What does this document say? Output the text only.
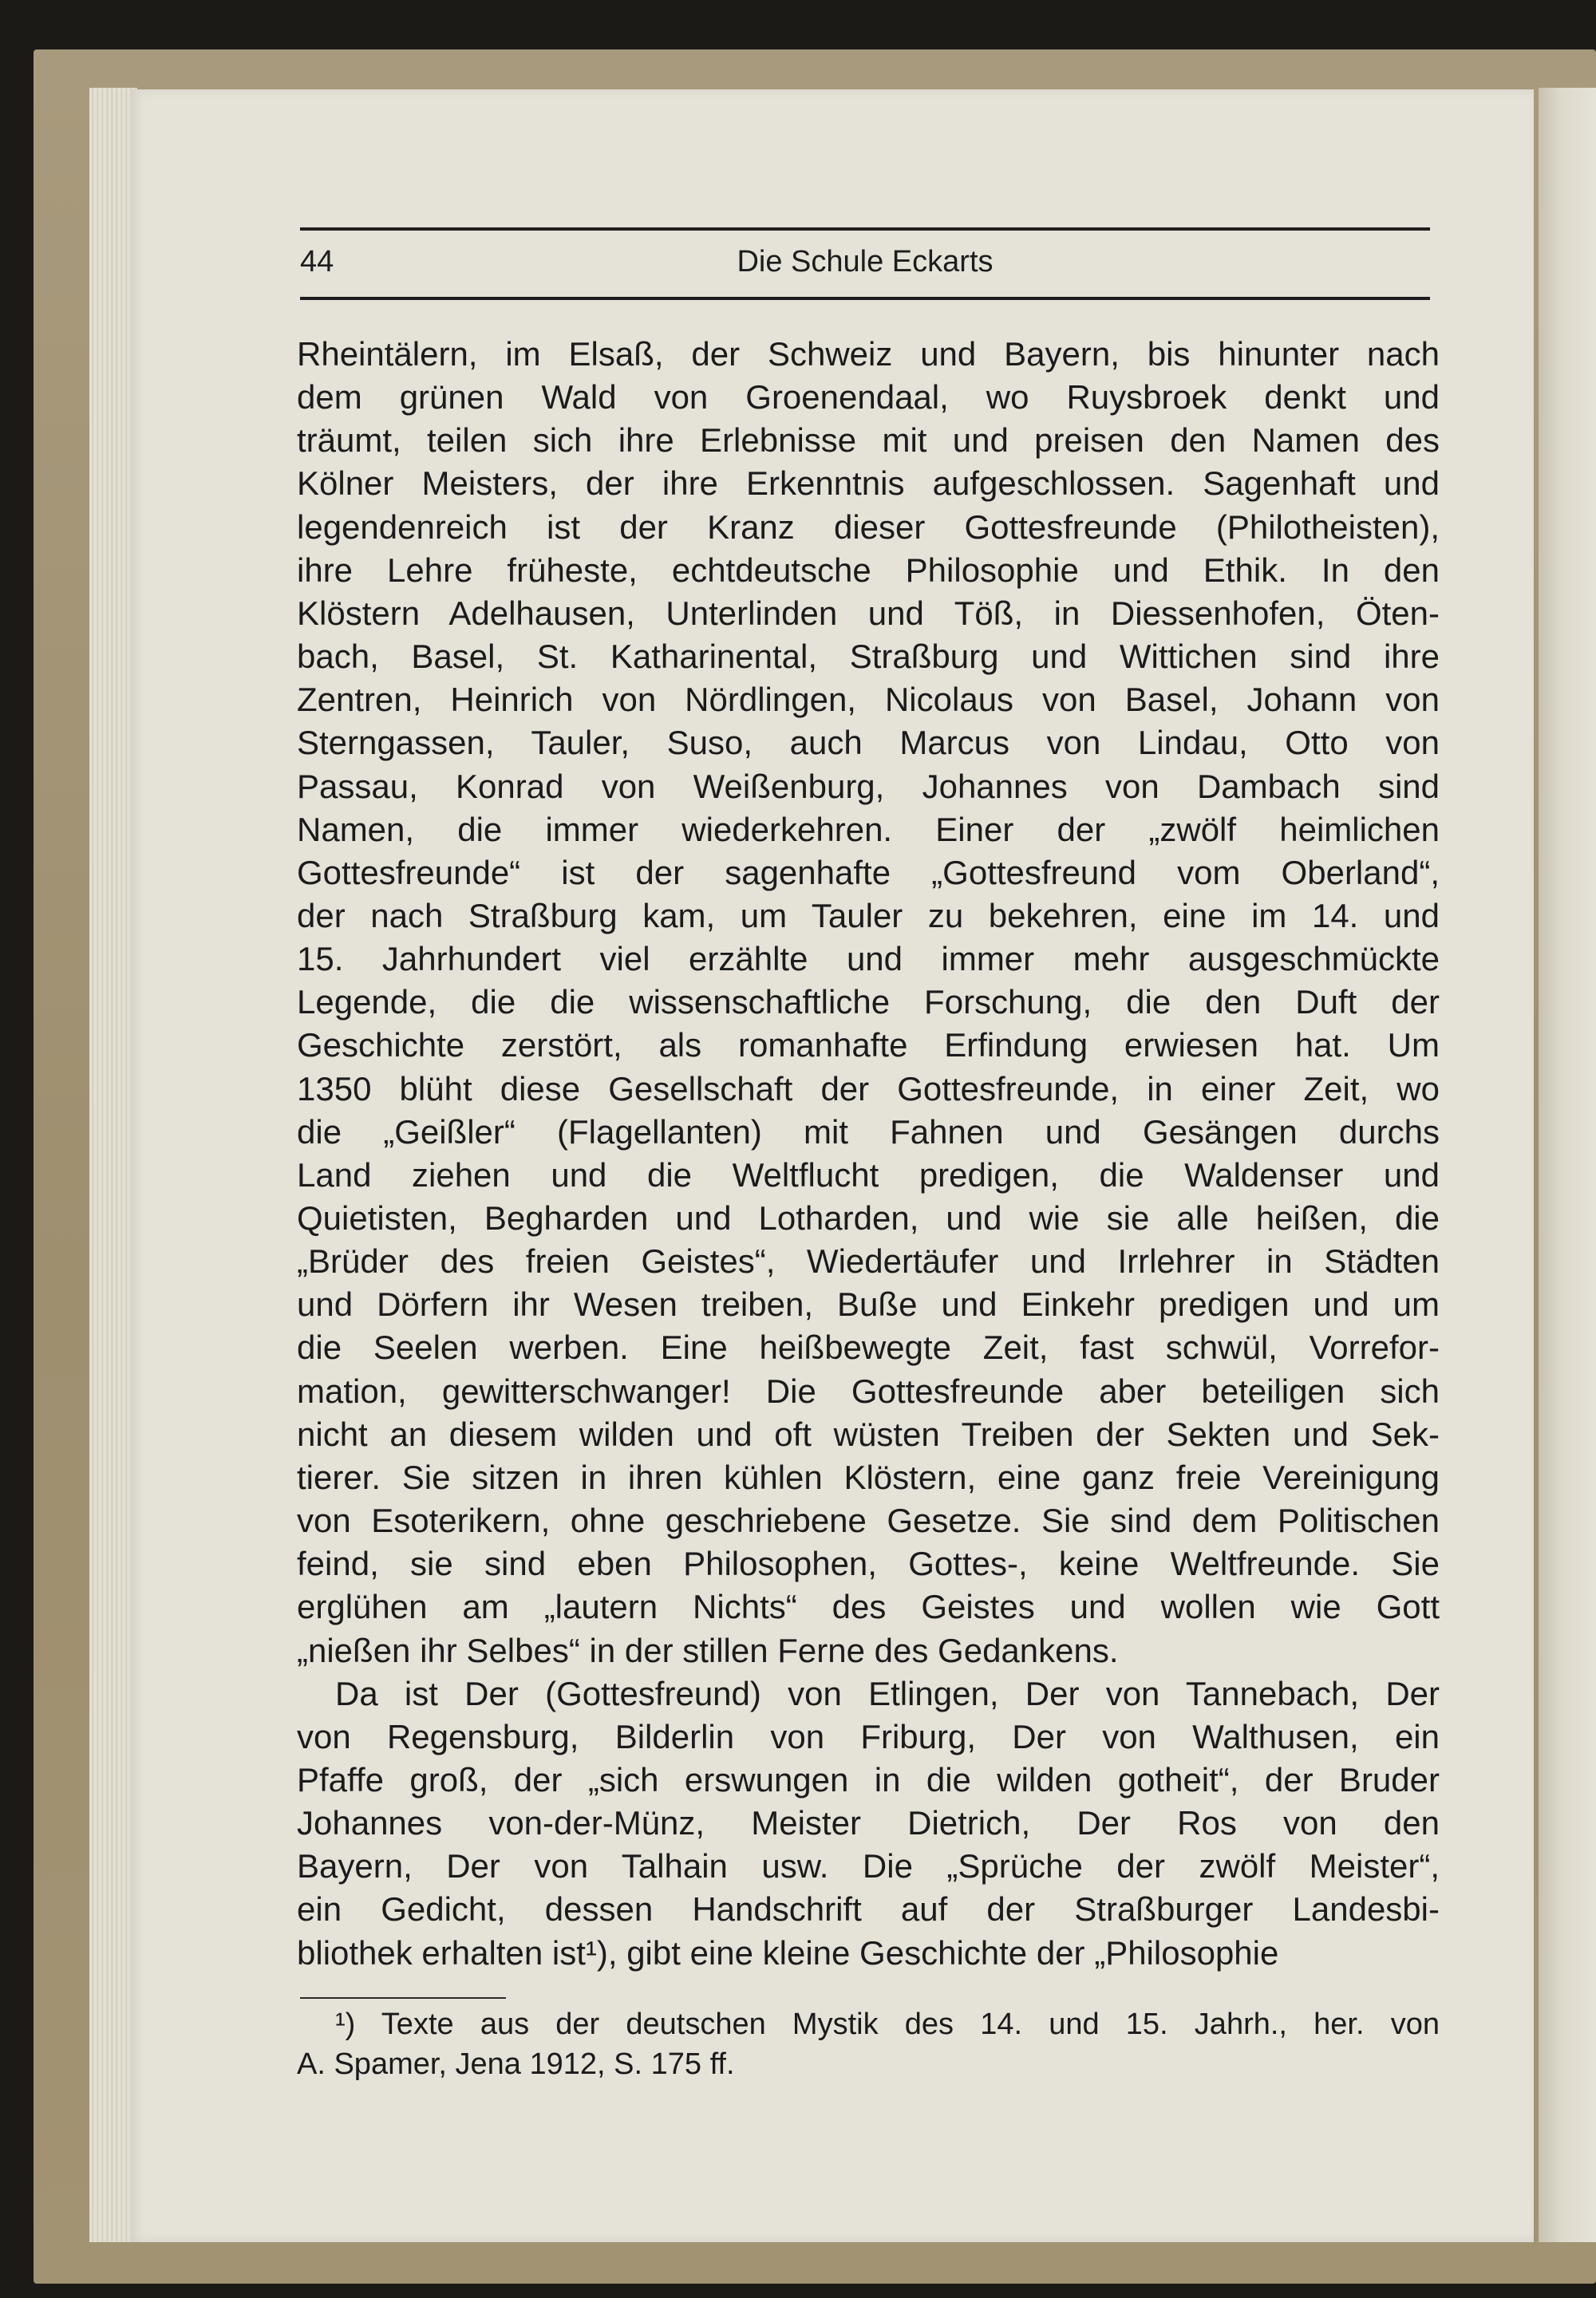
44	Die Schule Eckarts
Rheintälern, im Elsaß, der Schweiz und Bayern, bis hinunter nach
dem grünen Wald von Groenendaal, wo Ruysbroek denkt und
träumt, teilen sich ihre Erlebnisse mit und preisen den Namen des
Kölner Meisters, der ihre Erkenntnis aufgeschlossen. Sagenhaft und
legendenreich ist der Kranz dieser Gottesfreunde (Philotheisten),
ihre Lehre früheste, echtdeutsche Philosophie und Ethik. In den
Klöstern Adelhausen, Unterlinden und Töß, in Diessenhofen, Öten-
bach, Basel, St. Katharinental, Straßburg und Wittichen sind ihre
Zentren, Heinrich von Nördlingen, Nicolaus von Basel, Johann von
Sterngassen, Tauler, Suso, auch Marcus von Lindau, Otto von
Passau, Konrad von Weißenburg, Johannes von Dambach sind
Namen, die immer wiederkehren. Einer der „zwölf heimlichen
Gottesfreunde“ ist der sagenhafte „Gottesfreund vom Oberland“,
der nach Straßburg kam, um Tauler zu bekehren, eine im 14. und
15. Jahrhundert viel erzählte und immer mehr ausgeschmückte
Legende, die die wissenschaftliche Forschung, die den Duft der
Geschichte zerstört, als romanhafte Erfindung erwiesen hat. Um
1350 blüht diese Gesellschaft der Gottesfreunde, in einer Zeit, wo
die „Geißler“ (Flagellanten) mit Fahnen und Gesängen durchs
Land ziehen und die Weltflucht predigen, die Waldenser und
Quietisten, Begharden und Lotharden, und wie sie alle heißen, die
„Brüder des freien Geistes“, Wiedertäufer und Irrlehrer in Städten
und Dörfern ihr Wesen treiben, Buße und Einkehr predigen und um
die Seelen werben. Eine heißbewegte Zeit, fast schwül, Vorrefor-
mation, gewitterschwanger! Die Gottesfreunde aber beteiligen sich
nicht an diesem wilden und oft wüsten Treiben der Sekten und Sek-
tierer. Sie sitzen in ihren kühlen Klöstern, eine ganz freie Vereinigung
von Esoterikern, ohne geschriebene Gesetze. Sie sind dem Politischen
feind, sie sind eben Philosophen, Gottes-, keine Weltfreunde. Sie
erglühen am „lautern Nichts“ des Geistes und wollen wie Gott
„nießen ihr Selbes“ in der stillen Ferne des Gedankens.
Da ist Der (Gottesfreund) von Etlingen, Der von Tannebach, Der
von Regensburg, Bilderlin von Friburg, Der von Walthusen, ein
Pfaffe groß, der „sich erswungen in die wilden gotheit“, der Bruder
Johannes von-der-Münz, Meister Dietrich, Der Ros von den
Bayern, Der von Talhain usw. Die „Sprüche der zwölf Meister“,
ein Gedicht, dessen Handschrift auf der Straßburger Landesbi-
bliothek erhalten ist¹), gibt eine kleine Geschichte der „Philosophie
¹) Texte aus der deutschen Mystik des 14. und 15. Jahrh., her. von
A. Spamer, Jena 1912, S. 175 ff.
